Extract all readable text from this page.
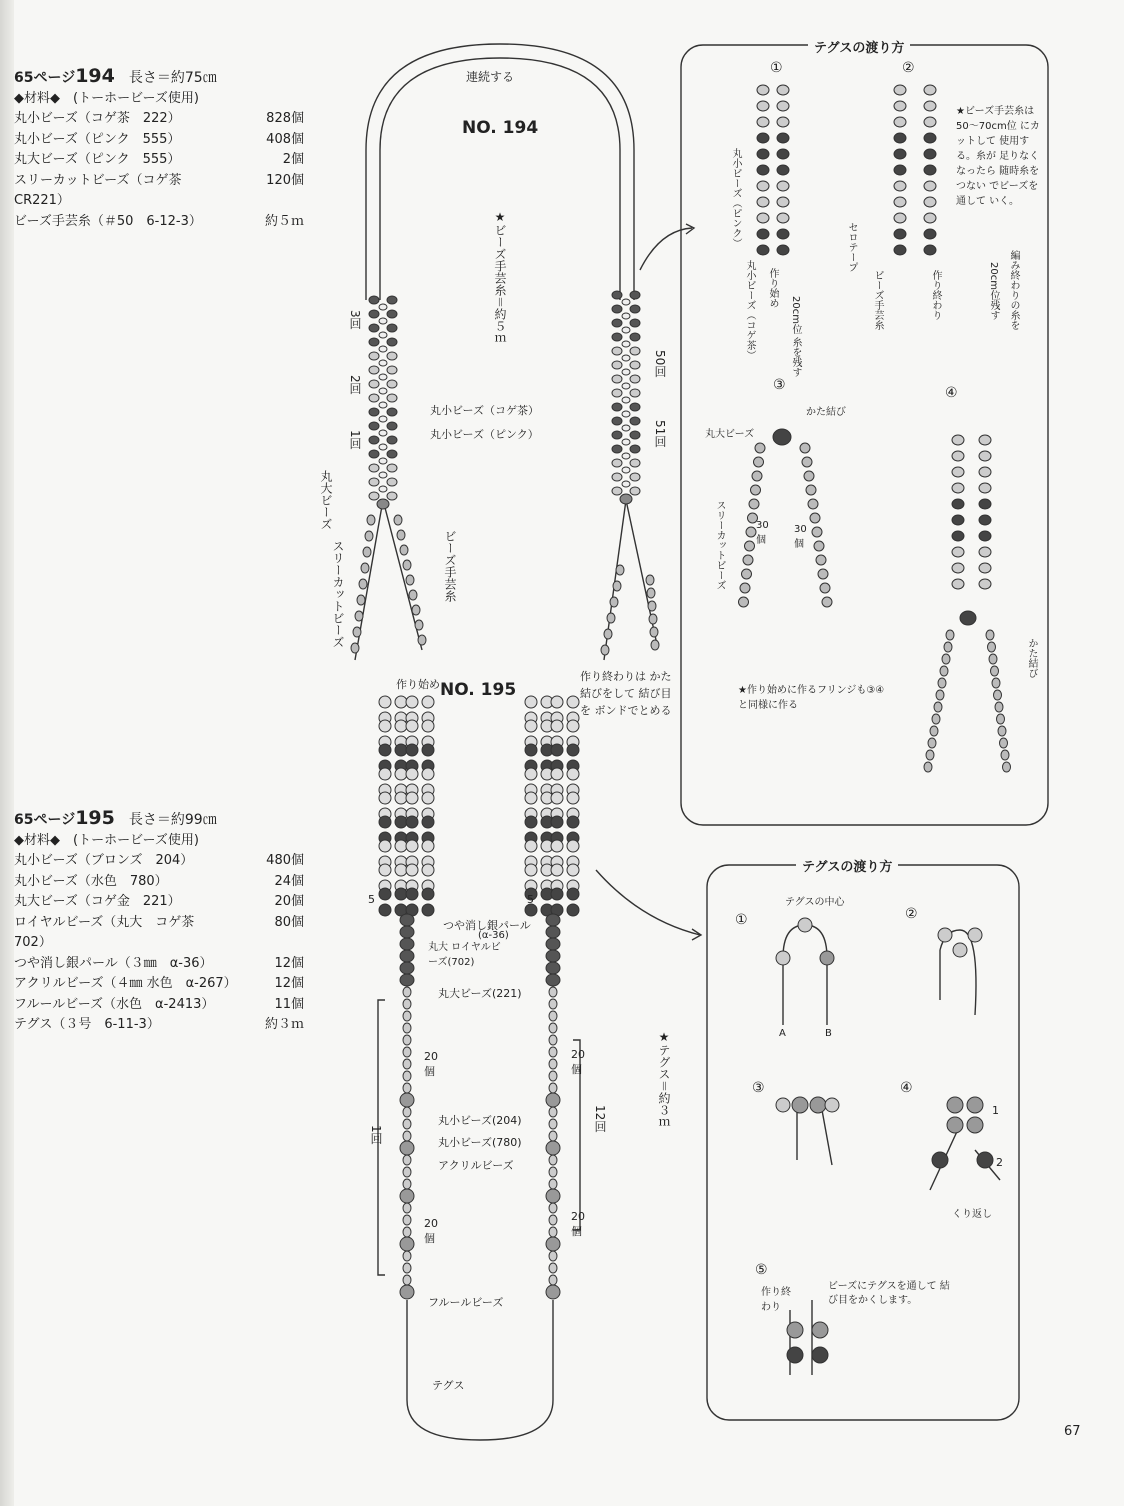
65ページ194　 長さ＝約75㎝
◆材料◆　(トーホービーズ使用)
丸小ビーズ（コゲ茶　222）	828個
丸小ビーズ（ピンク　555）	408個
丸大ビーズ（ピンク　555）	2個
スリーカットビーズ（コゲ茶　CR221）
120個
ビーズ手芸糸（＃50　6-12-3）	約５ｍ
65ページ195　 長さ＝約99㎝
◆材料◆　(トーホービーズ使用)
丸小ビーズ（ブロンズ　204）	480個
丸小ビーズ（水色　780）	24個
丸大ビーズ（コゲ金　221）	20個
ロイヤルビーズ（丸大　コゲ茶　702）
80個
つや消し銀パール（３㎜　α-36）	12個
アクリルビーズ（４㎜ 水色　α-267）	12個
フルールビーズ（水色　α-2413）	11個
テグス（３号　6-11-3）	約３ｍ
NO. 194
連続する
★ビーズ手芸糸＝約５ｍ
3回
2回
1回
50回
51回
丸小ビーズ（コゲ茶）
丸小ビーズ（ピンク）
丸大ビーズ
スリーカットビーズ	ビーズ手芸糸
NO. 195
作り始め
作り終わりは かた結びをして 結び目を ボンドでとめる
5	5
つや消し銀パール
(α-36)
丸大 ロイヤルビーズ(702)
丸大ビーズ(221)
20個
20個
20個
20個
丸小ビーズ(204)
丸小ビーズ(780)
アクリルビーズ
1回
12回
フルールビーズ
テグス
★テグス＝約３ｍ
テグスの渡り方
①	②
③	④
★ビーズ手芸糸は 50〜70cm位 にカットして 使用する。糸が 足りなくなったら 随時糸をつない でビーズを通して いく。
丸小ビーズ（ピンク）
丸小ビーズ（コゲ茶） 作り始め	作り終わり
セロテープ
ビーズ手芸糸
20cm位 糸を残す
20cm位残す 編み終わりの糸を
丸大ビーズ
かた結び
かた結び
スリーカットビーズ	30個
30個
★作り始めに作るフリンジも③④と同様に作る
テグスの渡り方
①	②
③	④
⑤
テグスの中心
A	B
1
2
くり返し
作り終わり
ビーズにテグスを通して 結び目をかくします。
67
